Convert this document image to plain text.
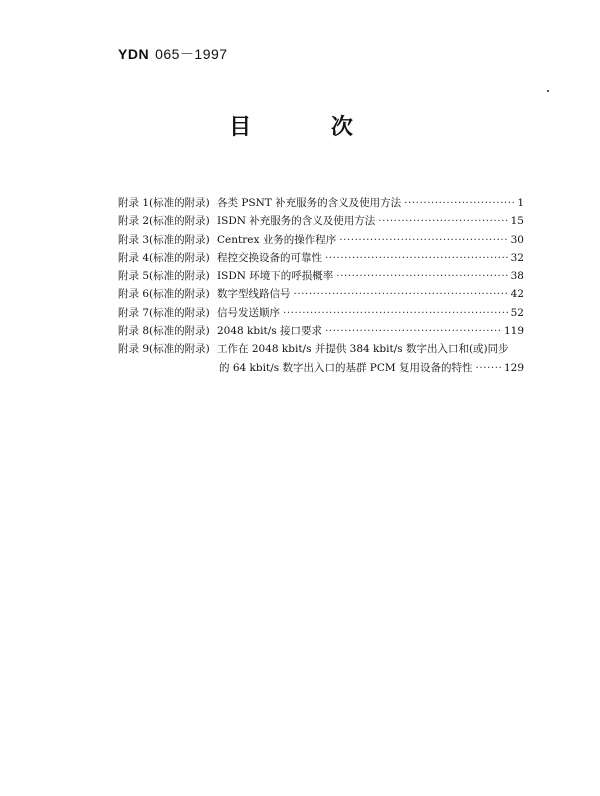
YDN 065－1997
目 次
附录 1(标准的附录) 各类 PSNT 补充服务的含义及使用方法 ·····	1
附录 2(标准的附录) ISDN 补充服务的含义及使用方法 ·····	15
附录 3(标准的附录) Centrex 业务的操作程序 ·····	30
附录 4(标准的附录) 程控交换设备的可靠性 ·····	32
附录 5(标准的附录) ISDN 环境下的呼损概率 ·····	38
附录 6(标准的附录) 数字型线路信号 ·····	42
附录 7(标准的附录) 信号发送顺序 ·····	52
附录 8(标准的附录) 2048 kbit/s 接口要求 ·····	119
附录 9(标准的附录) 工作在 2048 kbit/s 并提供 384 kbit/s 数字出入口和(或)同步
的 64 kbit/s 数字出入口的基群 PCM 复用设备的特性 ·····	129
